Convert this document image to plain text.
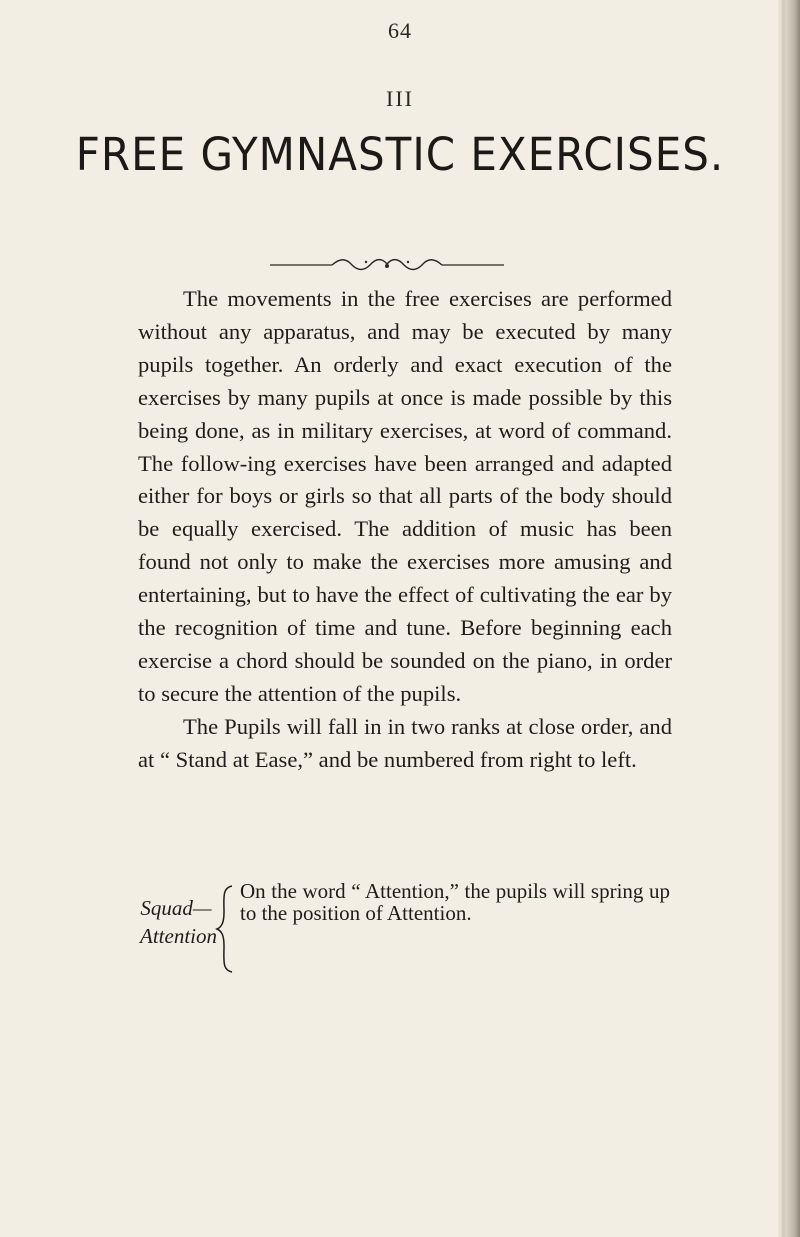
64
III
FREE GYMNASTIC EXERCISES.

The movements in the free exercises are performed without any apparatus, and may be executed by many pupils together. An orderly and exact execution of the exercises by many pupils at once is made possible by this being done, as in military exercises, at word of command. The follow-ing exercises have been arranged and adapted either for boys or girls so that all parts of the body should be equally exercised. The addition of music has been found not only to make the exercises more amusing and entertaining, but to have the effect of cultivating the ear by the recognition of time and tune. Before beginning each exercise a chord should be sounded on the piano, in order to secure the attention of the pupils.

The Pupils will fall in in two ranks at close order, and at “ Stand at Ease,” and be numbered from right to left.

Squad—
Attention

On the word “ Attention,” the pupils will spring up to the position of Attention.
